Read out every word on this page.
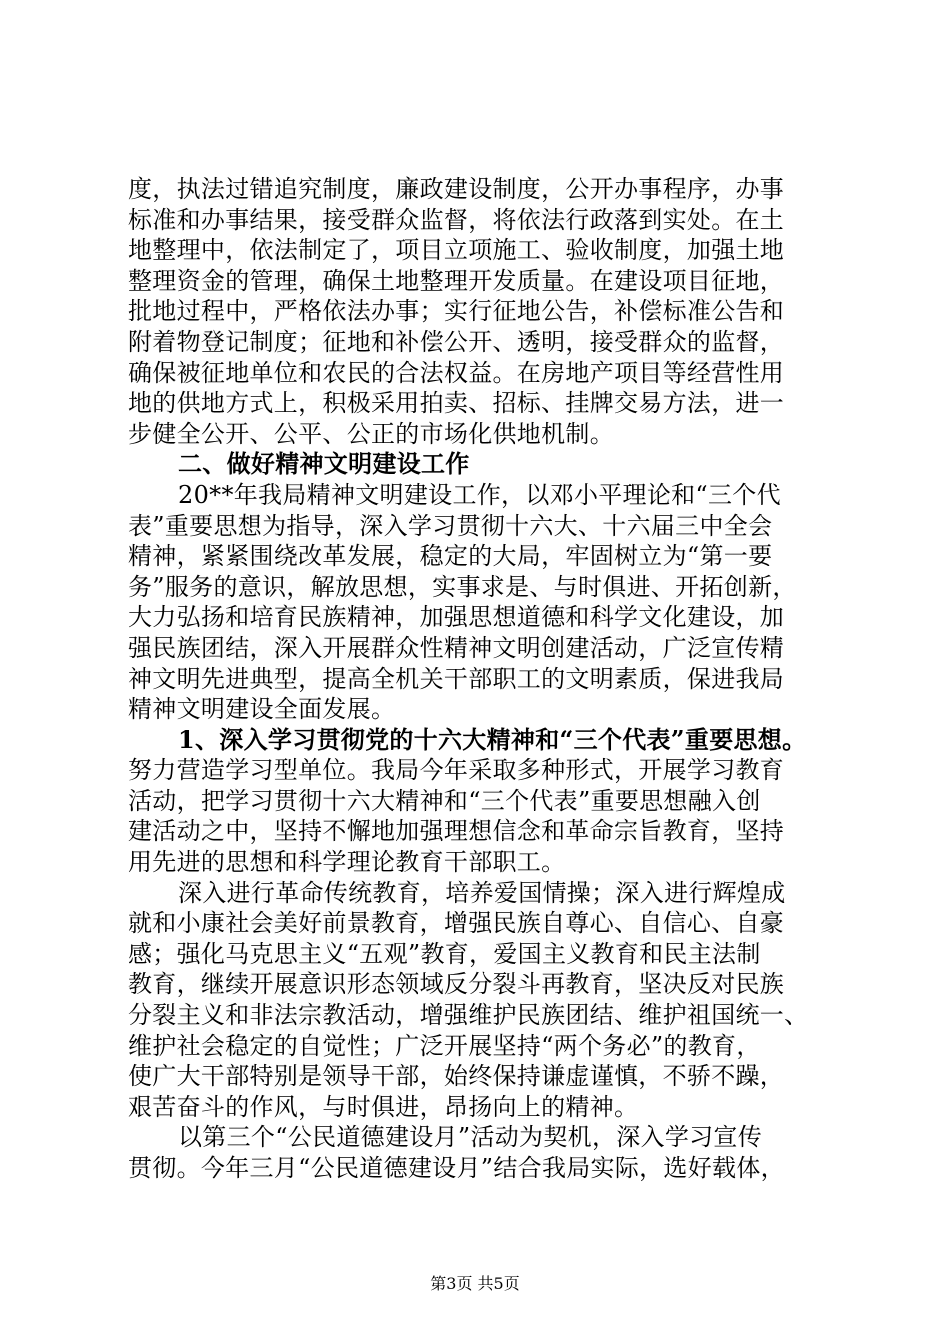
度，执法过错追究制度，廉政建设制度，公开办事程序，办事
标准和办事结果，接受群众监督，将依法行政落到实处。在土
地整理中，依法制定了，项目立项施工、验收制度，加强土地
整理资金的管理，确保土地整理开发质量。在建设项目征地，
批地过程中，严格依法办事；实行征地公告，补偿标准公告和
附着物登记制度；征地和补偿公开、透明，接受群众的监督，
确保被征地单位和农民的合法权益。在房地产项目等经营性用
地的供地方式上，积极采用拍卖、招标、挂牌交易方法，进一
步健全公开、公平、公正的市场化供地机制。
二、做好精神文明建设工作
20**年我局精神文明建设工作，以邓小平理论和“三个代
表”重要思想为指导，深入学习贯彻十六大、十六届三中全会
精神，紧紧围绕改革发展，稳定的大局，牢固树立为“第一要
务”服务的意识，解放思想，实事求是、与时俱进、开拓创新，
大力弘扬和培育民族精神，加强思想道德和科学文化建设，加
强民族团结，深入开展群众性精神文明创建活动，广泛宣传精
神文明先进典型，提高全机关干部职工的文明素质，保进我局
精神文明建设全面发展。
1、深入学习贯彻党的十六大精神和“三个代表”重要思想。
努力营造学习型单位。我局今年采取多种形式，开展学习教育
活动，把学习贯彻十六大精神和“三个代表”重要思想融入创
建活动之中，坚持不懈地加强理想信念和革命宗旨教育，坚持
用先进的思想和科学理论教育干部职工。
深入进行革命传统教育，培养爱国情操；深入进行辉煌成
就和小康社会美好前景教育，增强民族自尊心、自信心、自豪
感；强化马克思主义“五观”教育，爱国主义教育和民主法制
教育，继续开展意识形态领域反分裂斗再教育，坚决反对民族
分裂主义和非法宗教活动，增强维护民族团结、维护祖国统一、
维护社会稳定的自觉性；广泛开展坚持“两个务必”的教育，
使广大干部特别是领导干部，始终保持谦虚谨慎，不骄不躁，
艰苦奋斗的作风，与时俱进，昂扬向上的精神。
以第三个“公民道德建设月”活动为契机，深入学习宣传
贯彻。今年三月“公民道德建设月”结合我局实际，选好载体，
第3页 共5页
